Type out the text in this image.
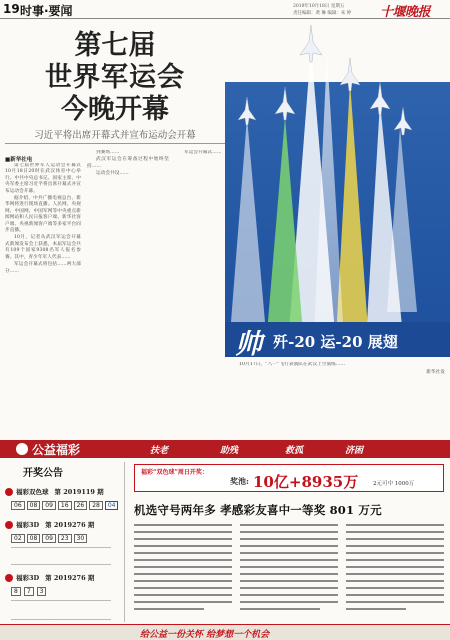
19 时事·要闻	2019年10月18日 星期五
责任编辑：黄 琳 编辑：朱 婷 十堰晚报
第七届
世界军运会
今晚开幕
习近平将出席开幕式并宣布运动会开幕
■新华社电

第七届世界军人运动会开幕式10月18日20时在武汉体育中心举行。中共中央总书记、国家主席、中央军委主席习近平将出席开幕式并宣布运动会开幕。

据介绍，中共广播电视总台、新华网将进行现场直播。人民网、央视网、中国网、中国军网等中央重点新闻网站和人民日报客户端、新华社客户端、央视新闻客户端等多家平台同步直播。

10月，记者从武汉军运会开幕式新闻发布会上获悉，本届军运会共有109个国家9308名军人报名参赛。其中，青少年军人代表……

军运会开幕式将包括……两大部分……

到赛场……

武汉军运会在筹备过程中始终坚持……

运动会共设……

军运会开幕式……

帅 歼-20 运-20 展翅

10月17日，“八一”飞行表演队在武汉上空演练……

新华社发
公益福彩	扶老	助残	救孤	济困
开奖公告
福彩双色球 第 2019119 期
06	08	09	16	26	28	04
福彩3D 第 2019276 期
02	08	09	23	30
福彩3D 第 2019276 期
8	7	3
福彩“双色球”周日开奖：
奖池: 10亿+8935万	2元可中 1000万
机选守号两年多 孝感彩友喜中一等奖 801 万元
给公益一份关怀 给梦想一个机会
